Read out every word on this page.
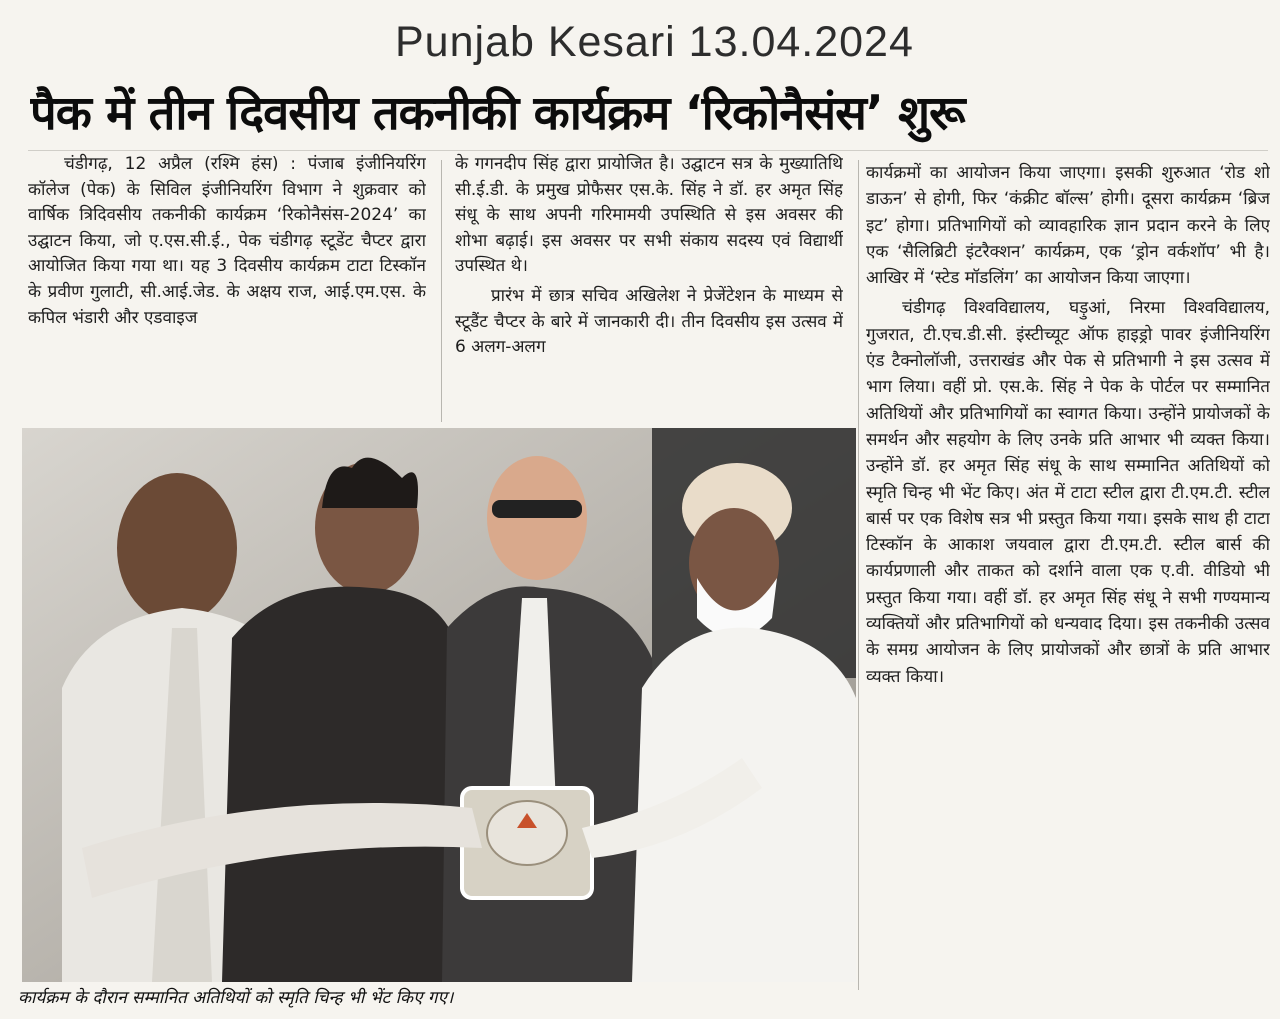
Punjab Kesari 13.04.2024
पैक में तीन दिवसीय तकनीकी कार्यक्रम ‘रिकोनैसंस’ शुरू

चंडीगढ़, 12 अप्रैल (रश्मि हंस) : पंजाब इंजीनियरिंग कॉलेज (पेक) के सिविल इंजीनियरिंग विभाग ने शुक्रवार को वार्षिक त्रिदिवसीय तकनीकी कार्यक्रम ‘रिकोनैसंस-2024’ का उद्घाटन किया, जो ए.एस.सी.ई., पेक चंडीगढ़ स्टूडेंट चैप्टर द्वारा आयोजित किया गया था। यह 3 दिवसीय कार्यक्रम टाटा टिस्कॉन के प्रवीण गुलाटी, सी.आई.जेड. के अक्षय राज, आई.एम.एस. के कपिल भंडारी और एडवाइज

के गगनदीप सिंह द्वारा प्रायोजित है। उद्घाटन सत्र के मुख्यातिथि सी.ई.डी. के प्रमुख प्रोफैसर एस.के. सिंह ने डॉ. हर अमृत सिंह संधू के साथ अपनी गरिमामयी उपस्थिति से इस अवसर की शोभा बढ़ाई। इस अवसर पर सभी संकाय सदस्य एवं विद्यार्थी उपस्थित थे।

प्रारंभ में छात्र सचिव अखिलेश ने प्रेजेंटेशन के माध्यम से स्टूडैंट चैप्टर के बारे में जानकारी दी। तीन दिवसीय इस उत्सव में 6 अलग-अलग

कार्यक्रमों का आयोजन किया जाएगा। इसकी शुरुआत ‘रोड शो डाऊन’ से होगी, फिर ‘कंक्रीट बॉल्स’ होगी। दूसरा कार्यक्रम ‘ब्रिज इट’ होगा। प्रतिभागियों को व्यावहारिक ज्ञान प्रदान करने के लिए एक ‘सैलिब्रिटी इंटरैक्शन’ कार्यक्रम, एक ‘ड्रोन वर्कशॉप’ भी है। आखिर में ‘स्टेड मॉडलिंग’ का आयोजन किया जाएगा।

चंडीगढ़ विश्वविद्यालय, घड़ुआं, निरमा विश्वविद्यालय, गुजरात, टी.एच.डी.सी. इंस्टीच्यूट ऑफ हाइड्रो पावर इंजीनियरिंग एंड टैक्नोलॉजी, उत्तराखंड और पेक से प्रतिभागी ने इस उत्सव में भाग लिया। वहीं प्रो. एस.के. सिंह ने पेक के पोर्टल पर सम्मानित अतिथियों और प्रतिभागियों का स्वागत किया। उन्होंने प्रायोजकों के समर्थन और सहयोग के लिए उनके प्रति आभार भी व्यक्त किया। उन्होंने डॉ. हर अमृत सिंह संधू के साथ सम्मानित अतिथियों को स्मृति चिन्ह भी भेंट किए। अंत में टाटा स्टील द्वारा टी.एम.टी. स्टील बार्स पर एक विशेष सत्र भी प्रस्तुत किया गया। इसके साथ ही टाटा टिस्कॉन के आकाश जयवाल द्वारा टी.एम.टी. स्टील बार्स की कार्यप्रणाली और ताकत को दर्शाने वाला एक ए.वी. वीडियो भी प्रस्तुत किया गया। वहीं डॉ. हर अमृत सिंह संधू ने सभी गण्यमान्य व्यक्तियों और प्रतिभागियों को धन्यवाद दिया। इस तकनीकी उत्सव के समग्र आयोजन के लिए प्रायोजकों और छात्रों के प्रति आभार व्यक्त किया।

कार्यक्रम के दौरान सम्मानित अतिथियों को स्मृति चिन्ह भी भेंट किए गए।
